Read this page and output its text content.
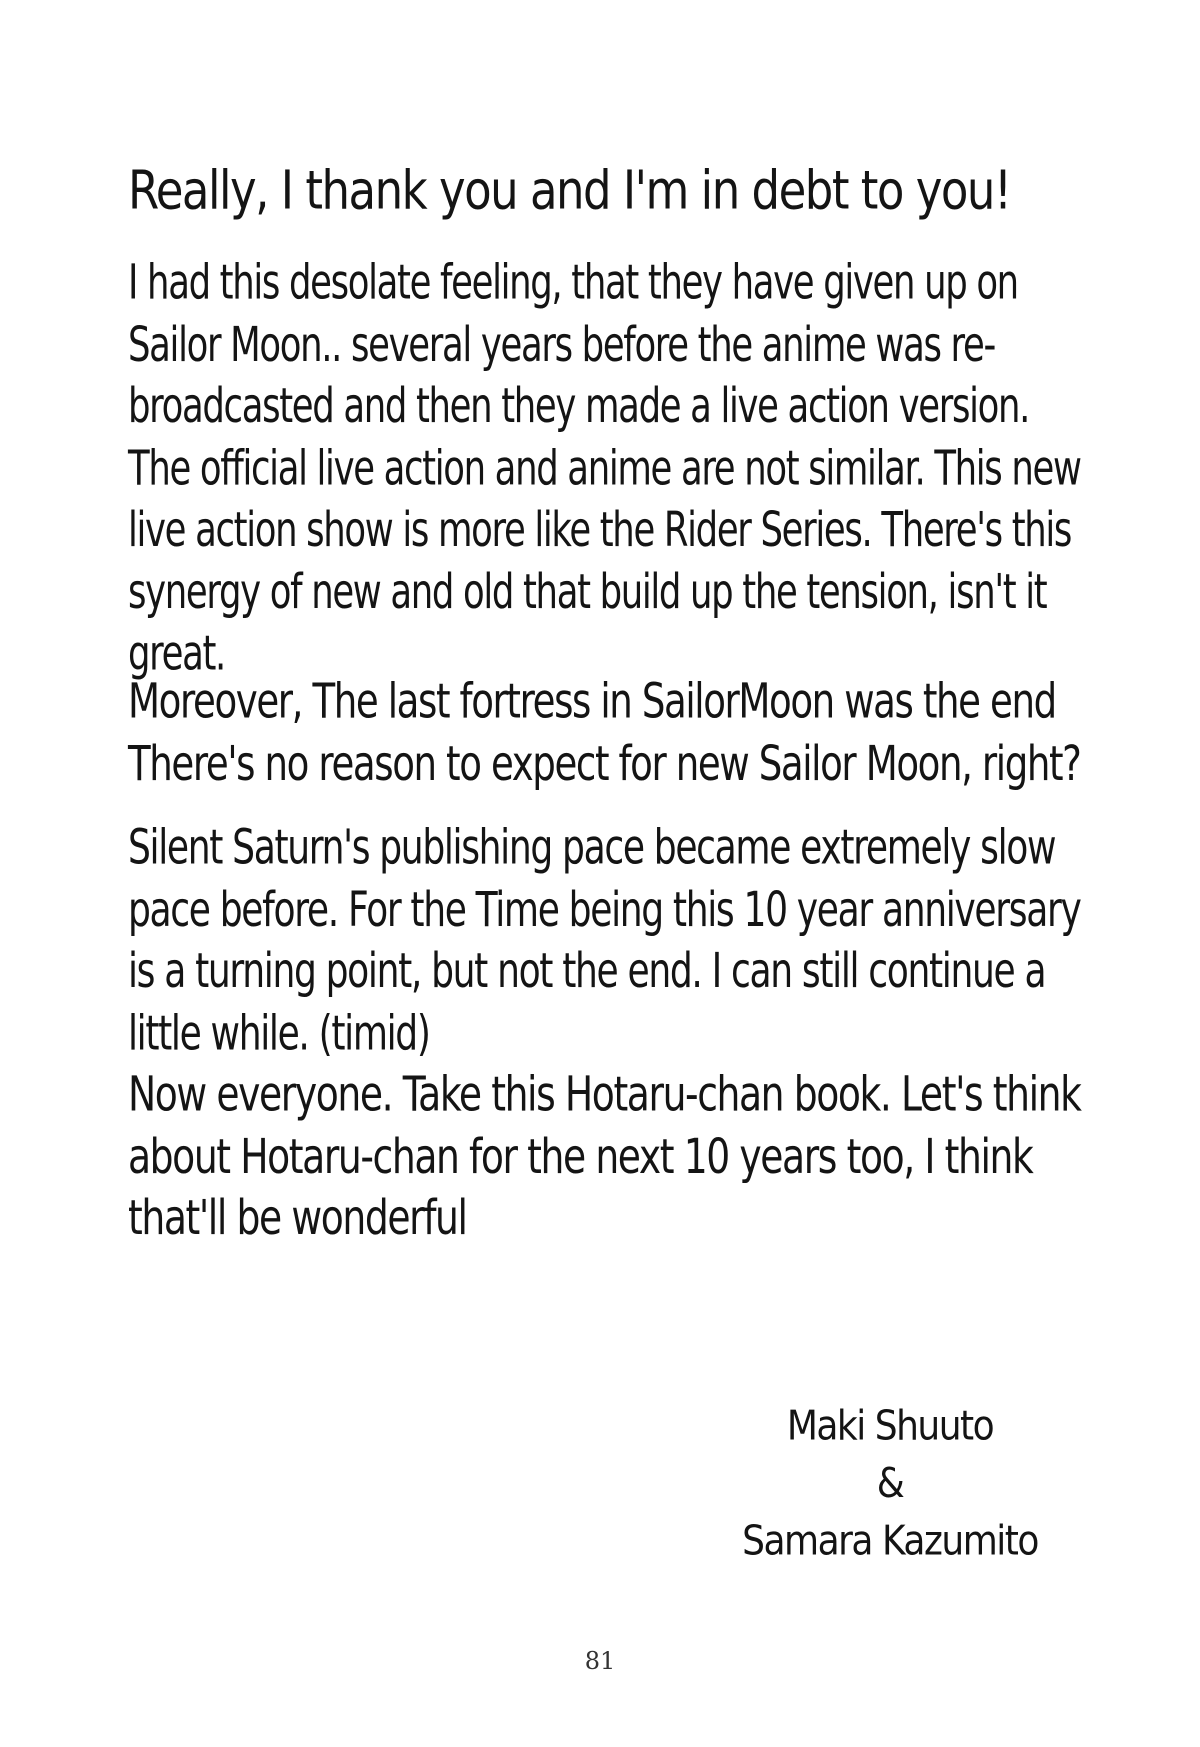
Really, I thank you and I'm in debt to you!
I had this desolate feeling, that they have given up on
Sailor Moon.. several years before the anime was re-
broadcasted and then they made a live action version.
The official live action and anime are not similar. This new
live action show is more like the Rider Series. There's this
synergy of new and old that build up the tension, isn't it
great.
Moreover, The last fortress in SailorMoon was the end
There's no reason to expect for new Sailor Moon, right?
Silent Saturn's publishing pace became extremely slow
pace before. For the Time being this 10 year anniversary
is a turning point, but not the end. I can still continue a
little while. (timid)
Now everyone. Take this Hotaru-chan book. Let's think
about Hotaru-chan for the next 10 years too, I think
that'll be wonderful
Maki Shuuto
&
Samara Kazumito
81
